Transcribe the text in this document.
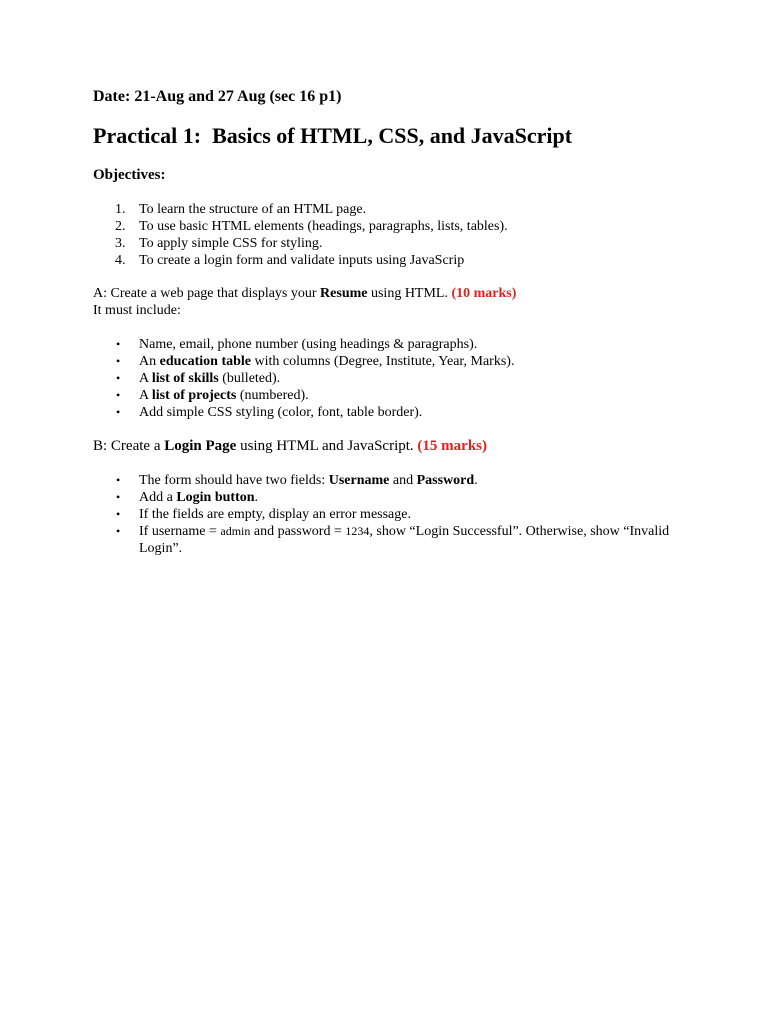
Date: 21-Aug and 27 Aug (sec 16 p1)

Practical 1:  Basics of HTML, CSS, and JavaScript

Objectives:

1. To learn the structure of an HTML page.
2. To use basic HTML elements (headings, paragraphs, lists, tables).
3. To apply simple CSS for styling.
4. To create a login form and validate inputs using JavaScrip

A: Create a web page that displays your Resume using HTML. (10 marks)
It must include:

• Name, email, phone number (using headings & paragraphs).
• An education table with columns (Degree, Institute, Year, Marks).
• A list of skills (bulleted).
• A list of projects (numbered).
• Add simple CSS styling (color, font, table border).

B: Create a Login Page using HTML and JavaScript. (15 marks)

• The form should have two fields: Username and Password.
• Add a Login button.
• If the fields are empty, display an error message.
• If username = admin and password = 1234, show “Login Successful”. Otherwise, show “Invalid Login”.
